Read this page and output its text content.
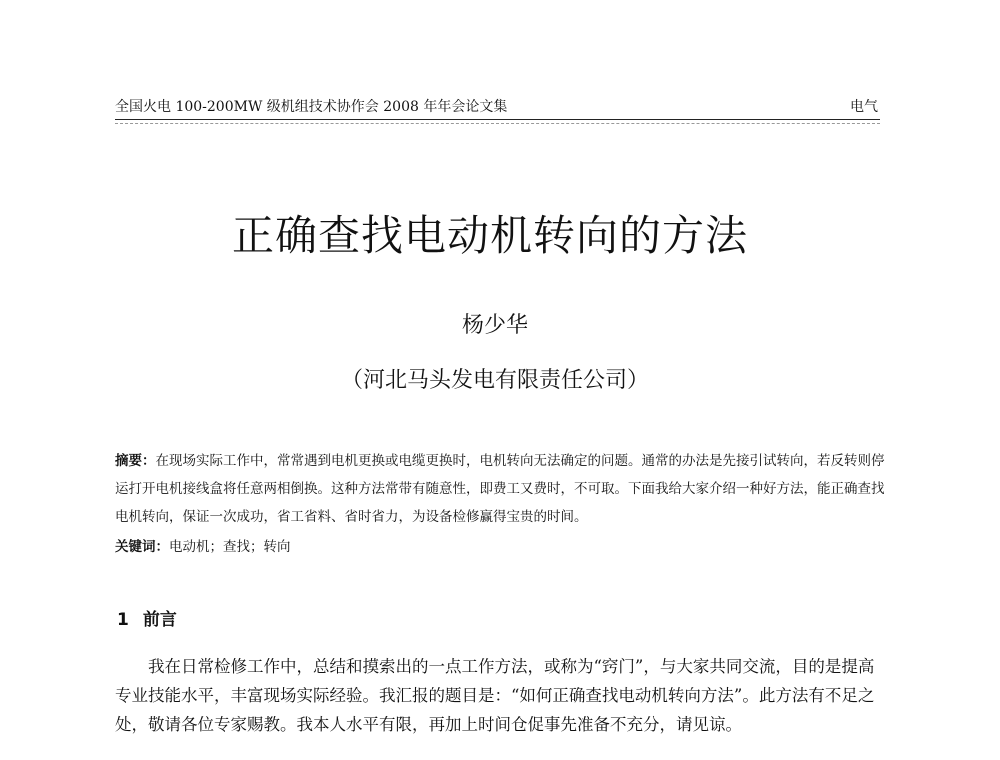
全国火电 100-200MW 级机组技术协作会 2008 年年会论文集	电气
正确查找电动机转向的方法
杨少华
（河北马头发电有限责任公司）

摘要：在现场实际工作中，常常遇到电机更换或电缆更换时，电机转向无法确定的问题。通常的办法是先接引试转向，若反转则停运打开电机接线盒将任意两相倒换。这种方法常带有随意性，即费工又费时，不可取。下面我给大家介绍一种好方法，能正确查找电机转向，保证一次成功，省工省料、省时省力，为设备检修赢得宝贵的时间。

关键词：电动机；查找；转向
1 前言

我在日常检修工作中，总结和摸索出的一点工作方法，或称为“窍门”，与大家共同交流，目的是提高专业技能水平，丰富现场实际经验。我汇报的题目是：“如何正确查找电动机转向方法”。此方法有不足之处，敬请各位专家赐教。我本人水平有限，再加上时间仓促事先准备不充分，请见谅。
